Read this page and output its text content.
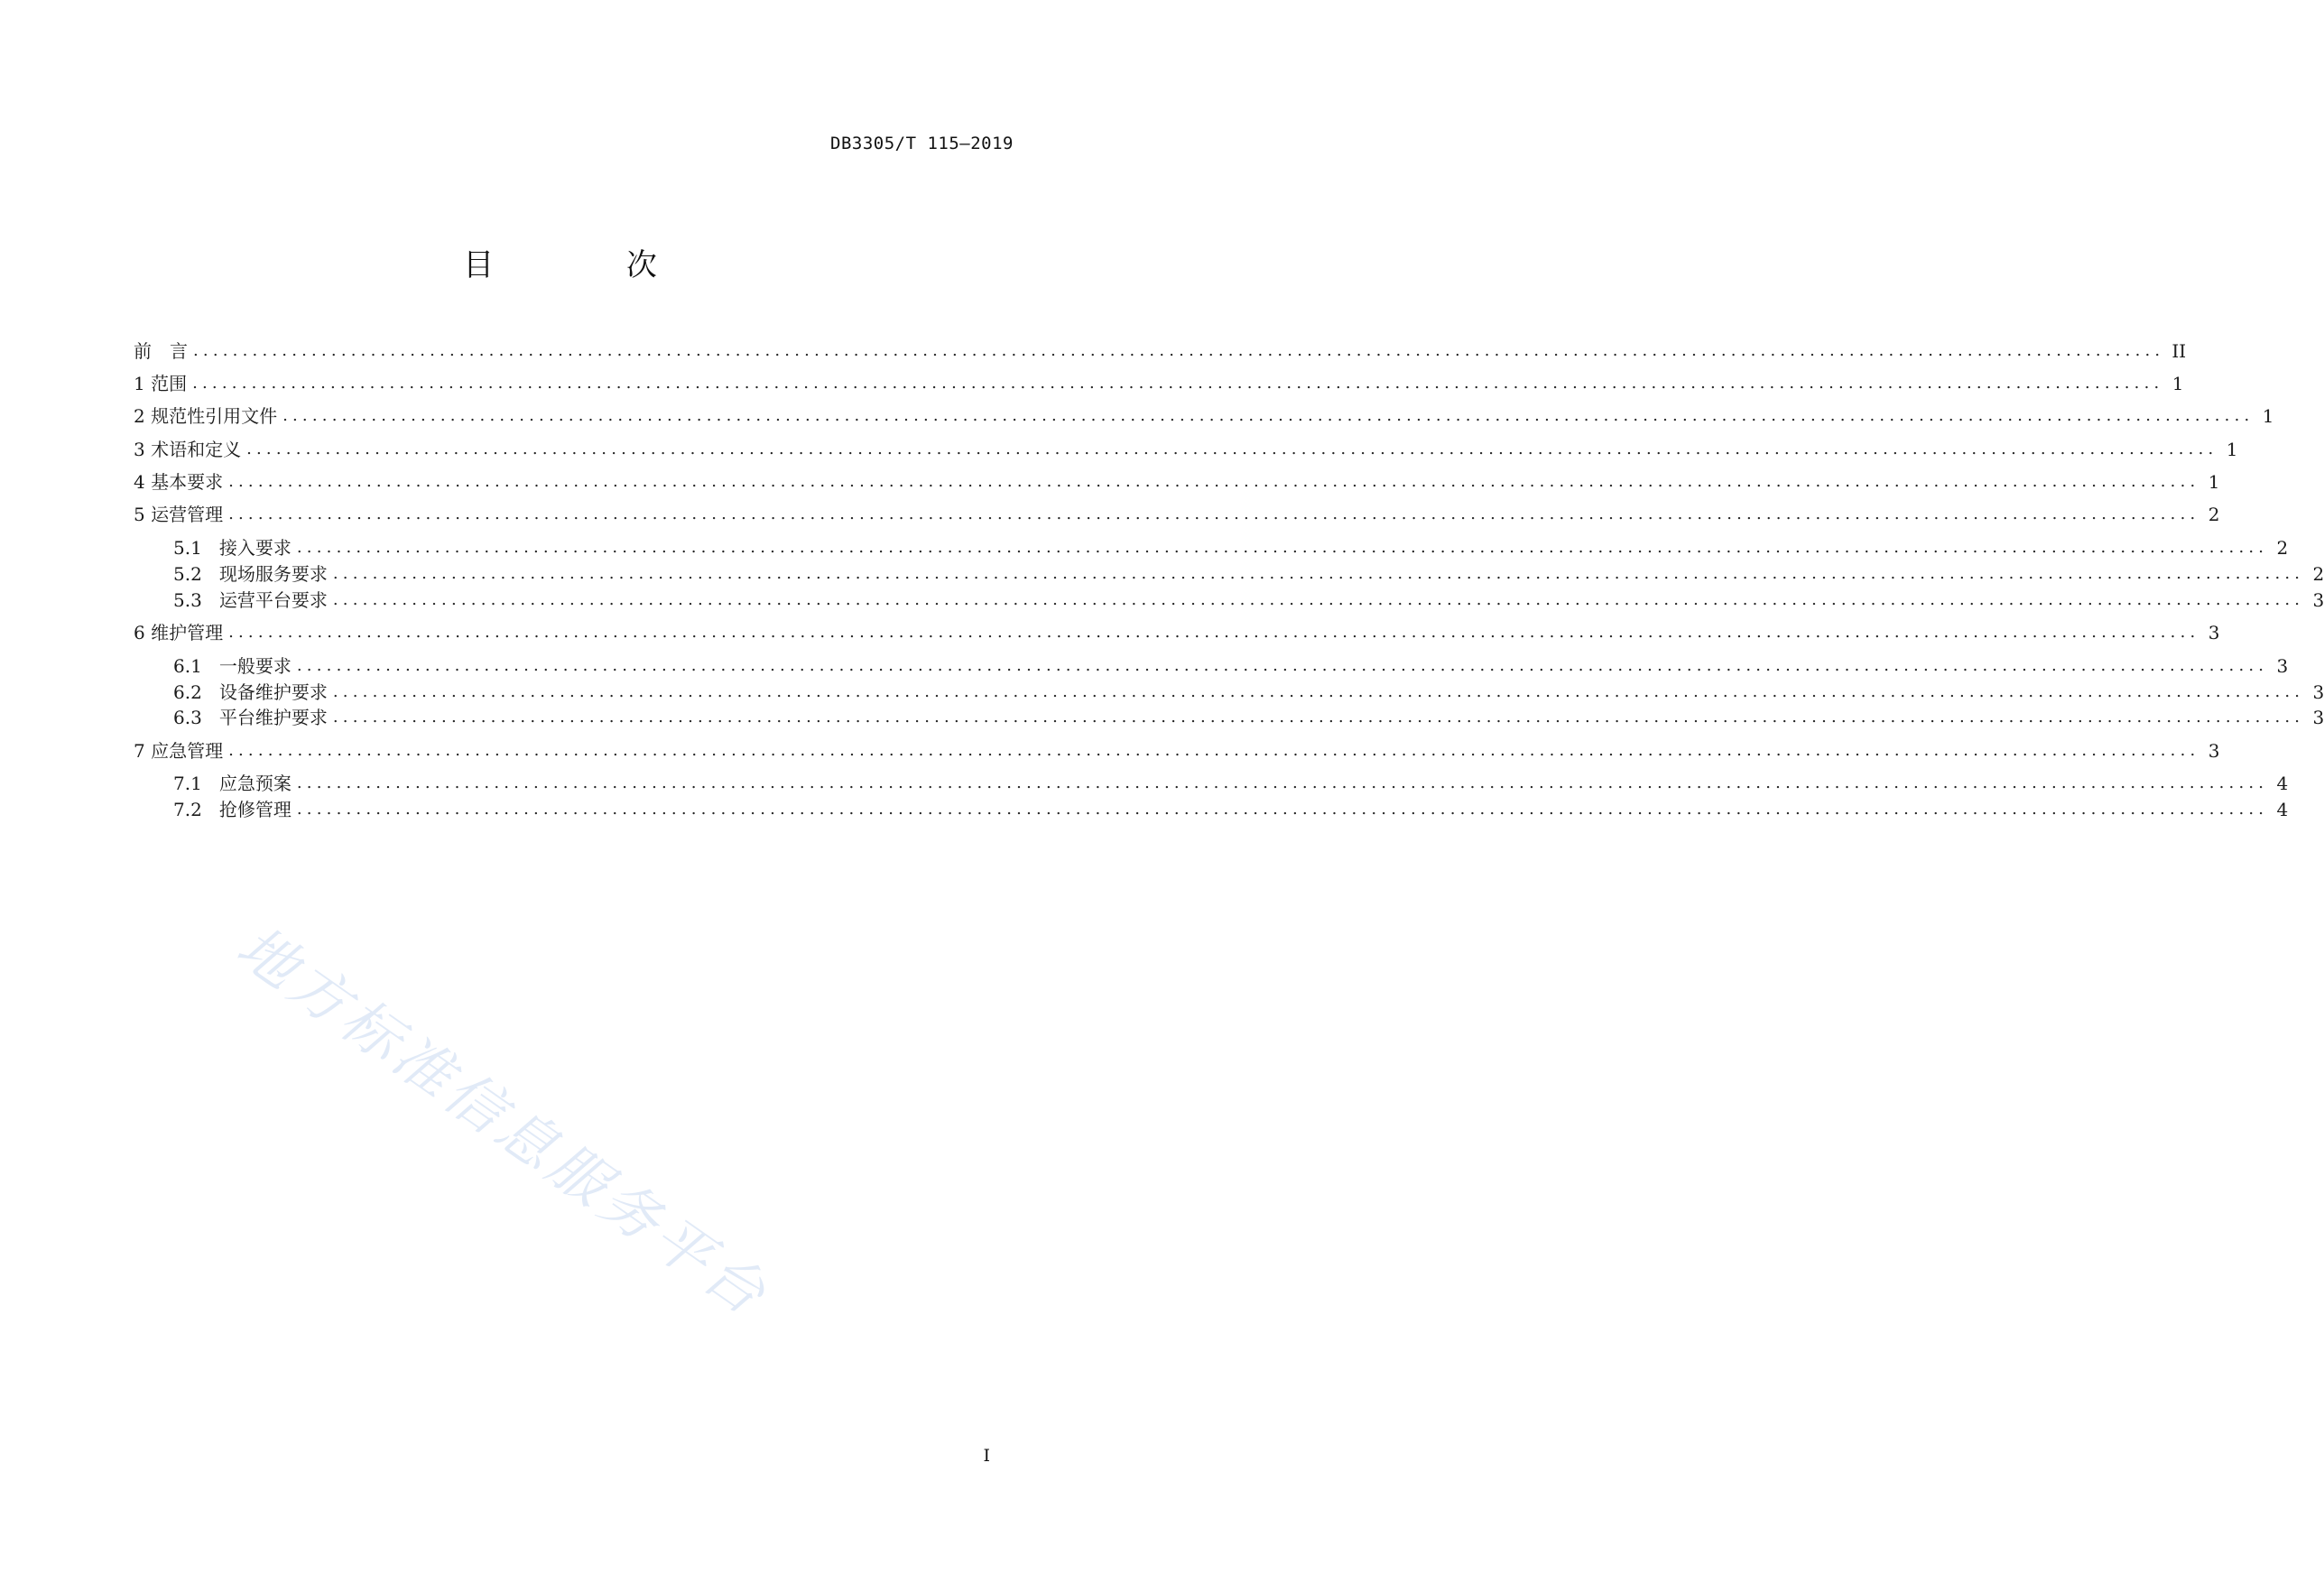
DB3305/T 115—2019
目 次
前　言 ........................................................................................................................................................................................................ II
1 范围 ........................................................................................................................................................................................................ 1
2 规范性引用文件 ........................................................................................................................................................................................................ 1
3 术语和定义 ........................................................................................................................................................................................................ 1
4 基本要求 ........................................................................................................................................................................................................ 1
5 运营管理 ........................................................................................................................................................................................................ 2
5.1 接入要求 ........................................................................................................................................................................................................ 2
5.2 现场服务要求 ........................................................................................................................................................................................................ 2
5.3 运营平台要求 ........................................................................................................................................................................................................ 3
6 维护管理 ........................................................................................................................................................................................................ 3
6.1 一般要求 ........................................................................................................................................................................................................ 3
6.2 设备维护要求 ........................................................................................................................................................................................................ 3
6.3 平台维护要求 ........................................................................................................................................................................................................ 3
7 应急管理 ........................................................................................................................................................................................................ 3
7.1 应急预案 ........................................................................................................................................................................................................ 4
7.2 抢修管理 ........................................................................................................................................................................................................ 4
地方标准信息服务平台
I
